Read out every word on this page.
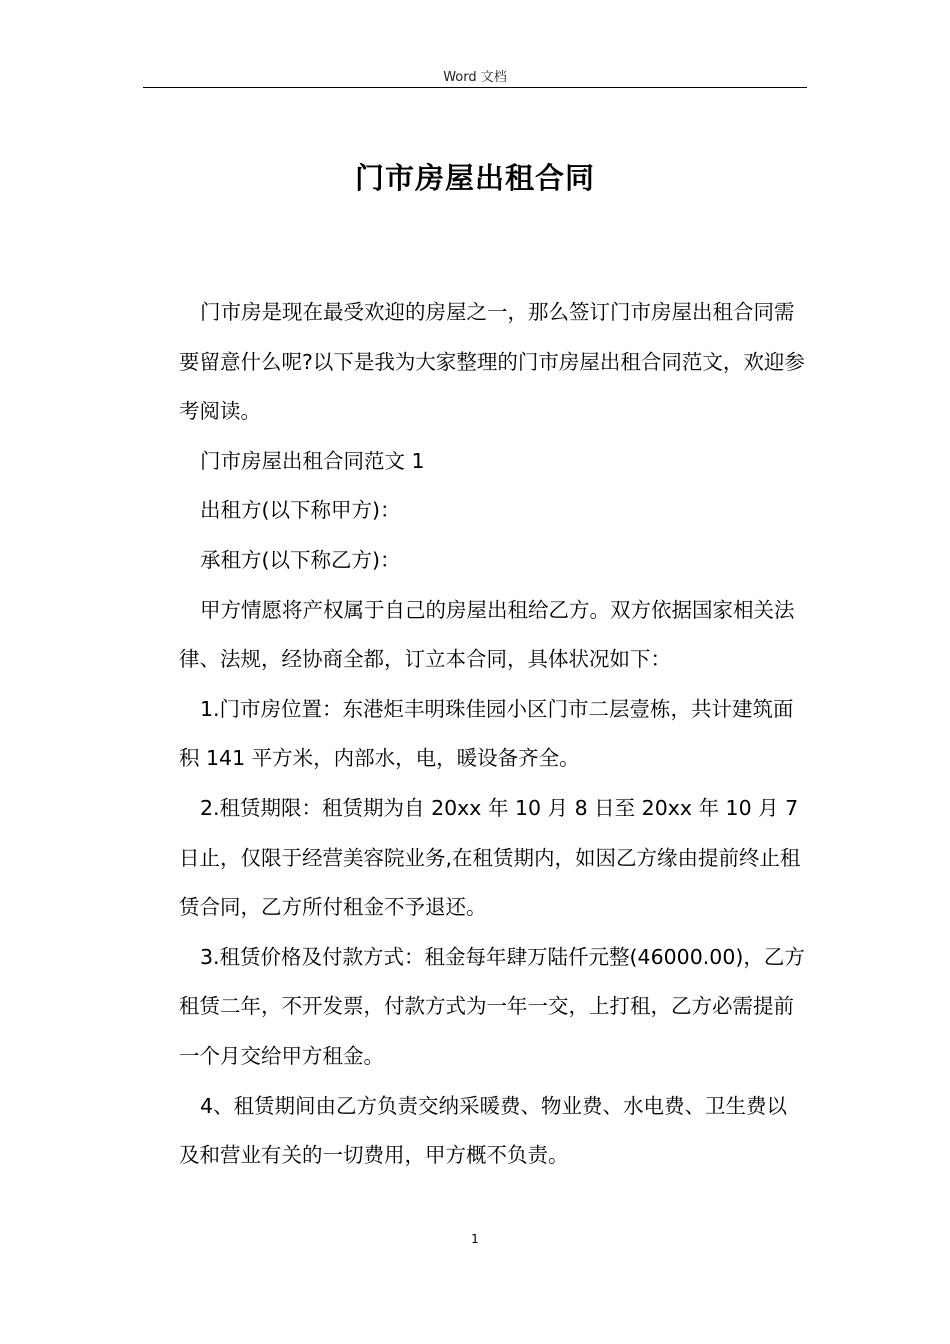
Word 文档
门市房屋出租合同

门市房是现在最受欢迎的房屋之一，那么签订门市房屋出租合同需要留意什么呢?以下是我为大家整理的门市房屋出租合同范文，欢迎参考阅读。

门市房屋出租合同范文 1

出租方(以下称甲方)：

承租方(以下称乙方)：

甲方情愿将产权属于自己的房屋出租给乙方。双方依据国家相关法律、法规，经协商全都，订立本合同，具体状况如下：

1.门市房位置：东港炬丰明珠佳园小区门市二层壹栋，共计建筑面积 141 平方米，内部水，电，暖设备齐全。

2.租赁期限：租赁期为自 20xx 年 10 月 8 日至 20xx 年 10 月 7 日止，仅限于经营美容院业务,在租赁期内，如因乙方缘由提前终止租赁合同，乙方所付租金不予退还。

3.租赁价格及付款方式：租金每年肆万陆仟元整(46000.00)，乙方租赁二年，不开发票，付款方式为一年一交，上打租，乙方必需提前一个月交给甲方租金。

4、租赁期间由乙方负责交纳采暖费、物业费、水电费、卫生费以及和营业有关的一切费用，甲方概不负责。

1
